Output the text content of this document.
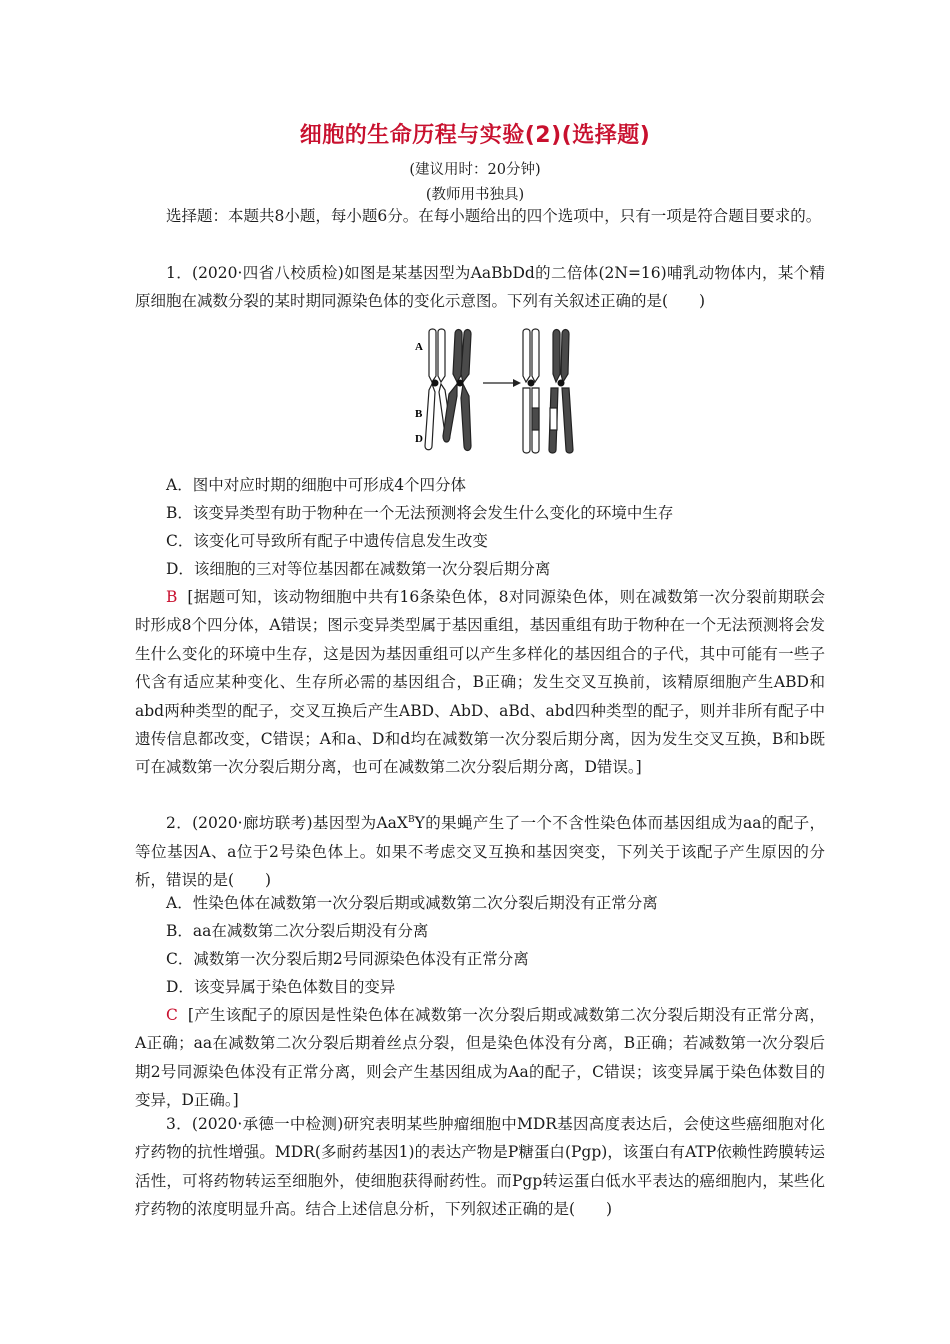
细胞的生命历程与实验(2)(选择题)
(建议用时：20分钟)
(教师用书独具)
选择题：本题共8小题，每小题6分。在每小题给出的四个选项中，只有一项是符合题目要求的。
1．(2020·四省八校质检)如图是某基因型为AaBbDd的二倍体(2N=16)哺乳动物体内，某个精原细胞在减数分裂的某时期同源染色体的变化示意图。下列有关叙述正确的是(　　)
A
B
D
A．图中对应时期的细胞中可形成4个四分体
B．该变异类型有助于物种在一个无法预测将会发生什么变化的环境中生存
C．该变化可导致所有配子中遗传信息发生改变
D．该细胞的三对等位基因都在减数第一次分裂后期分离
B [据题可知，该动物细胞中共有16条染色体，8对同源染色体，则在减数第一次分裂前期联会时形成8个四分体，A错误；图示变异类型属于基因重组，基因重组有助于物种在一个无法预测将会发生什么变化的环境中生存，这是因为基因重组可以产生多样化的基因组合的子代，其中可能有一些子代含有适应某种变化、生存所必需的基因组合，B正确；发生交叉互换前，该精原细胞产生ABD和abd两种类型的配子，交叉互换后产生ABD、AbD、aBd、abd四种类型的配子，则并非所有配子中遗传信息都改变，C错误；A和a、D和d均在减数第一次分裂后期分离，因为发生交叉互换，B和b既可在减数第一次分裂后期分离，也可在减数第二次分裂后期分离，D错误。]
2．(2020·廊坊联考)基因型为AaX$^B$Y的果蝇产生了一个不含性染色体而基因组成为aa的配子，等位基因A、a位于2号染色体上。如果不考虑交叉互换和基因突变，下列关于该配子产生原因的分析，错误的是(　　)
A．性染色体在减数第一次分裂后期或减数第二次分裂后期没有正常分离
B．aa在减数第二次分裂后期没有分离
C．减数第一次分裂后期2号同源染色体没有正常分离
D．该变异属于染色体数目的变异
C [产生该配子的原因是性染色体在减数第一次分裂后期或减数第二次分裂后期没有正常分离，A正确；aa在减数第二次分裂后期着丝点分裂，但是染色体没有分离，B正确；若减数第一次分裂后期2号同源染色体没有正常分离，则会产生基因组成为Aa的配子，C错误；该变异属于染色体数目的变异，D正确。]
3．(2020·承德一中检测)研究表明某些肿瘤细胞中MDR基因高度表达后，会使这些癌细胞对化疗药物的抗性增强。MDR(多耐药基因1)的表达产物是P糖蛋白(Pgp)，该蛋白有ATP依赖性跨膜转运活性，可将药物转运至细胞外，使细胞获得耐药性。而Pgp转运蛋白低水平表达的癌细胞内，某些化疗药物的浓度明显升高。结合上述信息分析，下列叙述正确的是(　　)
